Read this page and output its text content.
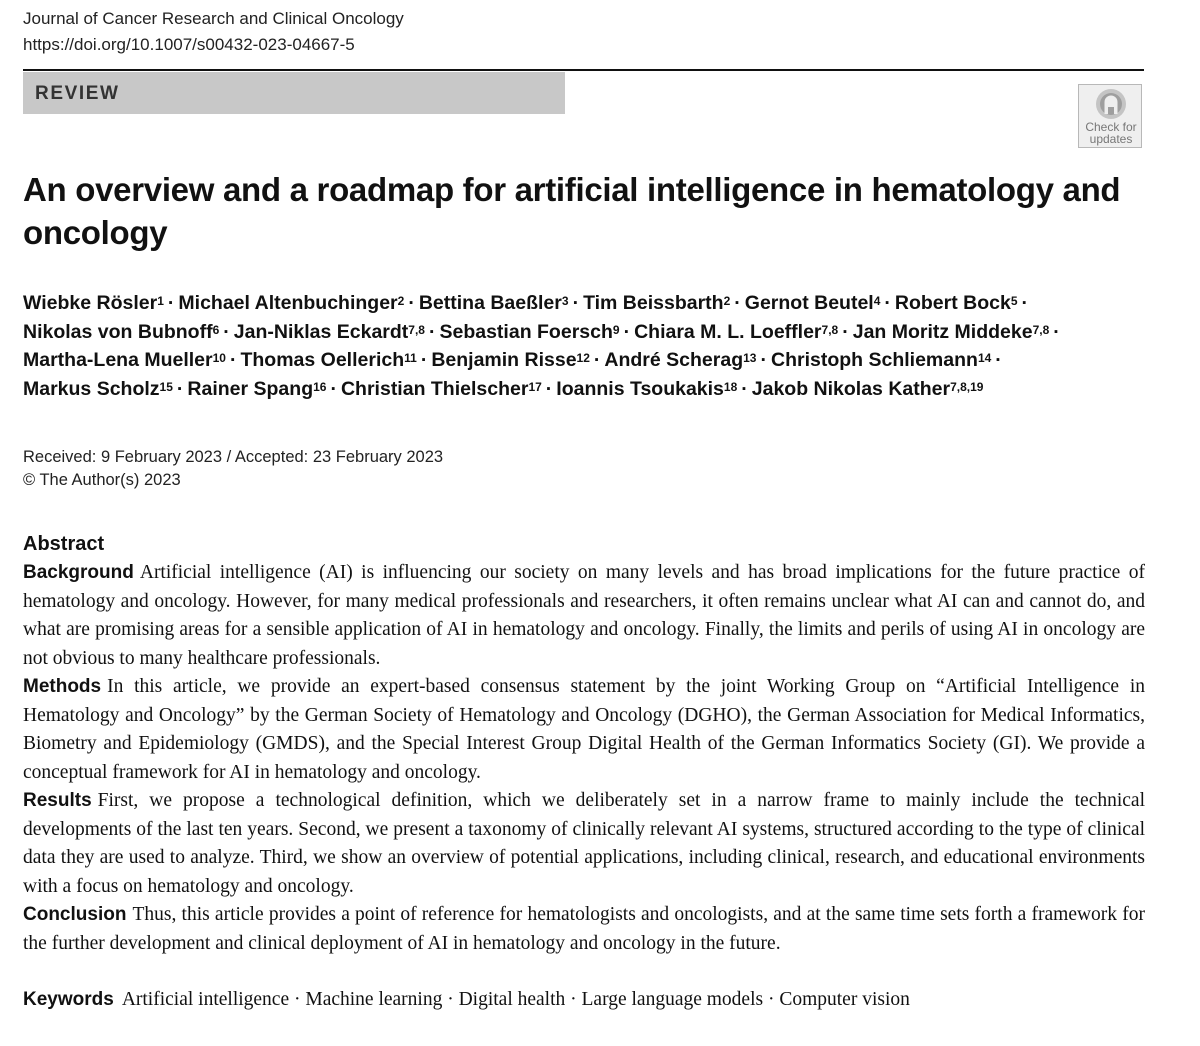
Journal of Cancer Research and Clinical Oncology
https://doi.org/10.1007/s00432-023-04667-5
REVIEW
Check for updates
An overview and a roadmap for artificial intelligence in hematology and oncology
Wiebke Rösler$^1$ · Michael Altenbuchinger$^2$ · Bettina Baeßler$^3$ · Tim Beissbarth$^2$ · Gernot Beutel$^4$ · Robert Bock$^5$ ·
Nikolas von Bubnoff$^6$ · Jan-Niklas Eckardt$^{7,8}$ · Sebastian Foersch$^9$ · Chiara M. L. Loeffler$^{7,8}$ · Jan Moritz Middeke$^{7,8}$ ·
Martha-Lena Mueller$^{10}$ · Thomas Oellerich$^{11}$ · Benjamin Risse$^{12}$ · André Scherag$^{13}$ · Christoph Schliemann$^{14}$ ·
Markus Scholz$^{15}$ · Rainer Spang$^{16}$ · Christian Thielscher$^{17}$ · Ioannis Tsoukakis$^{18}$ · Jakob Nikolas Kather$^{7,8,19}$
Received: 9 February 2023 / Accepted: 23 February 2023
© The Author(s) 2023
Abstract

Background Artificial intelligence (AI) is influencing our society on many levels and has broad implications for the future practice of hematology and oncology. However, for many medical professionals and researchers, it often remains unclear what AI can and cannot do, and what are promising areas for a sensible application of AI in hematology and oncology. Finally, the limits and perils of using AI in oncology are not obvious to many healthcare professionals.

Methods In this article, we provide an expert-based consensus statement by the joint Working Group on “Artificial Intelligence in Hematology and Oncology” by the German Society of Hematology and Oncology (DGHO), the German Association for Medical Informatics, Biometry and Epidemiology (GMDS), and the Special Interest Group Digital Health of the German Informatics Society (GI). We provide a conceptual framework for AI in hematology and oncology.

Results First, we propose a technological definition, which we deliberately set in a narrow frame to mainly include the technical developments of the last ten years. Second, we present a taxonomy of clinically relevant AI systems, structured according to the type of clinical data they are used to analyze. Third, we show an overview of potential applications, including clinical, research, and educational environments with a focus on hematology and oncology.

Conclusion Thus, this article provides a point of reference for hematologists and oncologists, and at the same time sets forth a framework for the further development and clinical deployment of AI in hematology and oncology in the future.

Keywords Artificial intelligence · Machine learning · Digital health · Large language models · Computer vision
